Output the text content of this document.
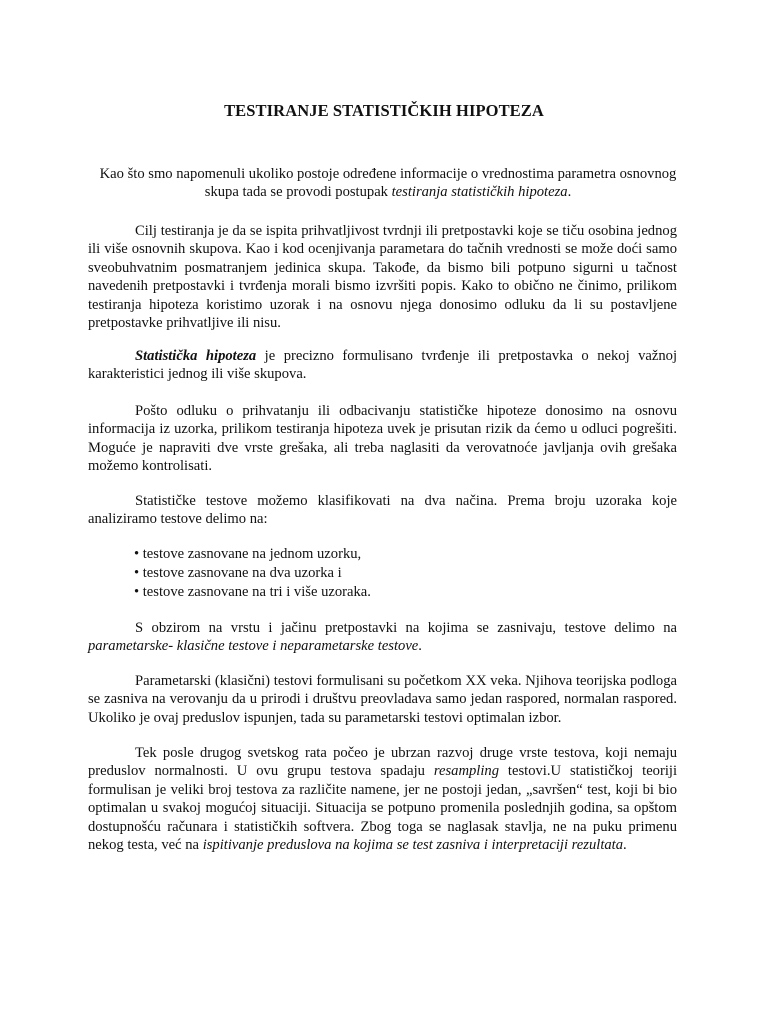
TESTIRANJE STATISTIČKIH HIPOTEZA

Kao što smo napomenuli ukoliko postoje određene informacije o vrednostima parametra osnovnog skupa tada se provodi postupak testiranja statističkih hipoteza.

Cilj testiranja je da se ispita prihvatljivost tvrdnji ili pretpostavki koje se tiču osobina jednog ili više osnovnih skupova. Kao i kod ocenjivanja parametara do tačnih vrednosti se može doći samo sveobuhvatnim posmatranjem jedinica skupa. Takođe, da bismo bili potpuno sigurni u tačnost navedenih pretpostavki i tvrđenja morali bismo izvršiti popis. Kako to obično ne činimo, prilikom testiranja hipoteza koristimo uzorak i na osnovu njega donosimo odluku da li su postavljene pretpostavke prihvatljive ili nisu.

Statistička hipoteza je precizno formulisano tvrđenje ili pretpostavka o nekoj važnoj karakteristici jednog ili više skupova.

Pošto odluku o prihvatanju ili odbacivanju statističke hipoteze donosimo na osnovu informacija iz uzorka, prilikom testiranja hipoteza uvek je prisutan rizik da ćemo u odluci pogrešiti. Moguće je napraviti dve vrste grešaka, ali treba naglasiti da verovatnoće javljanja ovih grešaka možemo kontrolisati.

Statističke testove možemo klasifikovati na dva načina. Prema broju uzoraka koje analiziramo testove delimo na:

• testove zasnovane na jednom uzorku,
• testove zasnovane na dva uzorka i
• testove zasnovane na tri i više uzoraka.

S obzirom na vrstu i jačinu pretpostavki na kojima se zasnivaju, testove delimo na parametarske- klasične testove i neparametarske testove.

Parametarski (klasični) testovi formulisani su početkom XX veka. Njihova teorijska podloga se zasniva na verovanju da u prirodi i društvu preovladava samo jedan raspored, normalan raspored. Ukoliko je ovaj preduslov ispunjen, tada su parametarski testovi optimalan izbor.

Tek posle drugog svetskog rata počeo je ubrzan razvoj druge vrste testova, koji nemaju preduslov normalnosti. U ovu grupu testova spadaju resampling testovi.U statističkoj teoriji formulisan je veliki broj testova za različite namene, jer ne postoji jedan, „savršen“ test, koji bi bio optimalan u svakoj mogućoj situaciji. Situacija se potpuno promenila poslednjih godina, sa opštom dostupnošću računara i statističkih softvera. Zbog toga se naglasak stavlja, ne na puku primenu nekog testa, već na ispitivanje preduslova na kojima se test zasniva i interpretaciji rezultata.
